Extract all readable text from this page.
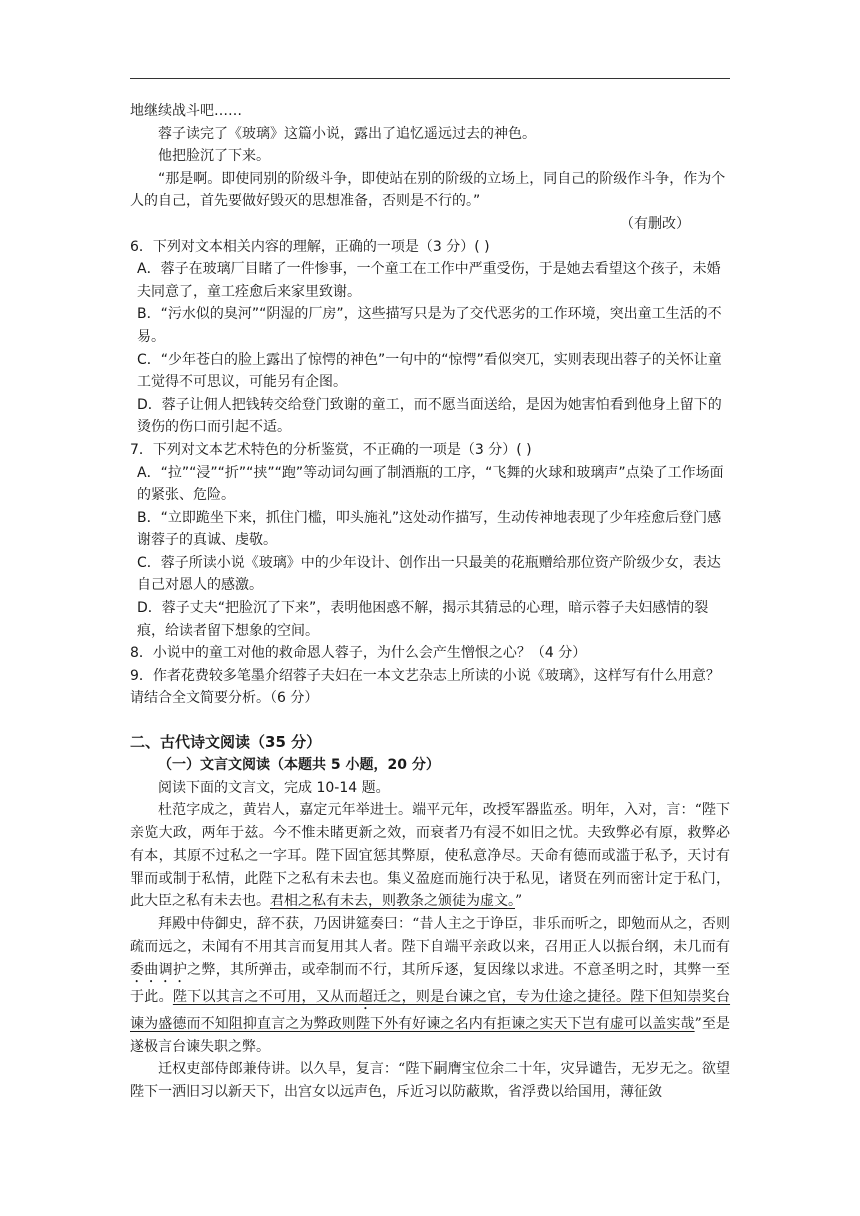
地继续战斗吧……

蓉子读完了《玻璃》这篇小说，露出了追忆遥远过去的神色。

他把脸沉了下来。

“那是啊。即使同别的阶级斗争，即使站在别的阶级的立场上，同自己的阶级作斗争，作为个人的自己，首先要做好毁灭的思想准备，否则是不行的。”

（有删改）

6．下列对文本相关内容的理解，正确的一项是（3 分）( )

A．蓉子在玻璃厂目睹了一件惨事，一个童工在工作中严重受伤，于是她去看望这个孩子，未婚夫同意了，童工痊愈后来家里致谢。

B．“污水似的臭河”“阴湿的厂房”，这些描写只是为了交代恶劣的工作环境，突出童工生活的不易。

C．“少年苍白的脸上露出了惊愕的神色”一句中的“惊愕”看似突兀，实则表现出蓉子的关怀让童工觉得不可思议，可能另有企图。

D．蓉子让佣人把钱转交给登门致谢的童工，而不愿当面送给，是因为她害怕看到他身上留下的烫伤的伤口而引起不适。

7．下列对文本艺术特色的分析鉴赏，不正确的一项是（3 分）( )

A．“拉”“浸”“折”“挟”“跑”等动词勾画了制酒瓶的工序，“飞舞的火球和玻璃声”点染了工作场面的紧张、危险。

B．“立即跪坐下来，抓住门槛，叩头施礼”这处动作描写，生动传神地表现了少年痊愈后登门感谢蓉子的真诚、虔敬。

C．蓉子所读小说《玻璃》中的少年设计、创作出一只最美的花瓶赠给那位资产阶级少女，表达自己对恩人的感激。

D．蓉子丈夫“把脸沉了下来”，表明他困惑不解，揭示其猜忌的心理，暗示蓉子夫妇感情的裂痕，给读者留下想象的空间。

8．小说中的童工对他的救命恩人蓉子，为什么会产生憎恨之心？（4 分）

9．作者花费较多笔墨介绍蓉子夫妇在一本文艺杂志上所读的小说《玻璃》，这样写有什么用意？请结合全文简要分析。（6 分）

二、古代诗文阅读（35 分）

（一）文言文阅读（本题共 5 小题，20 分）

阅读下面的文言文，完成 10-14 题。

杜范字成之，黄岩人，嘉定元年举进士。端平元年，改授军器监丞。明年，入对，言：“陛下亲览大政，两年于兹。今不惟未睹更新之效，而衰者乃有浸不如旧之忧。夫致弊必有原，救弊必有本，其原不过私之一字耳。陛下固宜惩其弊原，使私意净尽。天命有德而或滥于私予，天讨有罪而或制于私情，此陛下之私有未去也。集义盈庭而施行决于私见，诸贤在列而密计定于私门，此大臣之私有未去也。君相之私有未去，则教条之颁徒为虚文。”

拜殿中侍御史，辞不获，乃因讲筵奏曰：“昔人主之于诤臣，非乐而听之，即勉而从之，否则疏而远之，未闻有不用其言而复用其人者。陛下自端平亲政以来，召用正人以振台纲，未几而有委曲调护之弊，其所弹击，或牵制而不行，其所斥逐，复因缘以求进。不意圣明之时，其弊一至于此。陛下以其言之不可用，又从而超迁之，则是台谏之官，专为仕途之捷径。陛下但知崇奖台谏为盛德而不知阻抑直言之为弊政则陛下外有好谏之名内有拒谏之实天下岂有虚可以盖实哉”至是遂极言台谏失职之弊。

迁权吏部侍郎兼侍讲。以久旱，复言：“陛下嗣膺宝位余二十年，灾异谴告，无岁无之。欲望陛下一洒旧习以新天下，出宫女以远声色，斥近习以防蔽欺，省浮费以给国用，薄征敛
